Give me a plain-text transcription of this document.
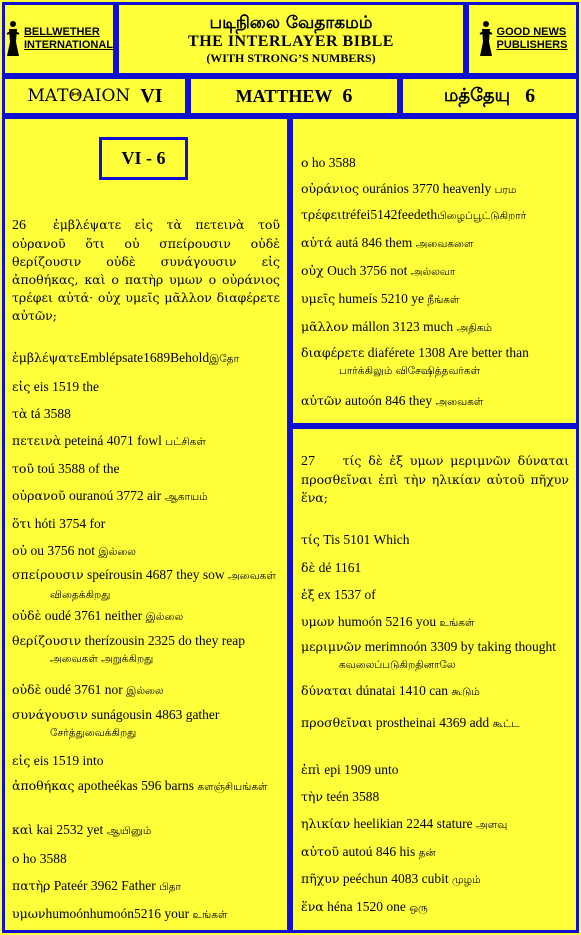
BELLWETHER
INTERNATIONAL
படிநிலை வேதாகமம்
THE INTERLAYER BIBLE
(WITH STRONG’S NUMBERS)
GOOD NEWS
PUBLISHERS
ΜΑΤΘΑΙΟΝ
VI	MATTHEW
6	மத்தேயு
6
VI - 6
26 ἐμβλέψατε εἰς τὰ πετεινὰ τοῦ οὐρανοῦ ὅτι οὐ σπείρουσιν οὐδὲ θερίζουσιν οὐδὲ συνάγουσιν εἰς ἀποθήκας, καὶ ο πατὴρ υμων ο οὐράνιος τρέφει αὐτά· οὐχ υμεῖς μᾶλλον διαφέρετε αὐτῶν;
ἐμβλέψατεEmblépsate1689Beholdஇதோ
εἰς eis 1519 the
τὰ tá 3588
πετεινὰ peteiná 4071 fowl பட்சிகள்
τοῦ toú 3588 of the
οὐρανοῦ ouranoú 3772 air ஆகாயம்
ὅτι hóti 3754 for
οὐ ou 3756 not இல்லை
σπείρουσιν speírousin 4687 they sow அவைகள் விதைக்கிறது
οὐδὲ oudé 3761 neither இல்லை
θερίζουσιν therízousin 2325 do they reap அவைகள் அறுக்கிறது
οὐδὲ oudé 3761 nor இல்லை
συνάγουσιν sunágousin 4863 gather சேர்த்துவைக்கிறது
εἰς eis 1519 into
ἀποθήκας apotheékas 596 barns களஞ்சியங்கள்
καὶ kai 2532 yet ஆயினும்
ο ho 3588
πατὴρ Pateér 3962 Father பிதா
υμωνhumoónhumoón5216 your உங்கள்
ο ho 3588
οὐράνιος ouránios 3770 heavenly பரம
τρέφειtréfei5142feedethபிழைப்பூட்டுகிறார்
αὐτά autá 846 them அவைகளை
οὐχ Ouch 3756 not அல்லவா
υμεῖς humeís 5210 ye நீங்கள்
μᾶλλον mállon 3123 much அதிகம்
διαφέρετε diaférete 1308 Are better than பார்க்கிலும் விசேஷித்தவர்கள்
αὐτῶν autoón 846 they அவைகள்
27 τίς δὲ ἐξ υμων μεριμνῶν δύναται προσθεῖναι ἐπὶ τὴν ηλικίαν αὐτοῦ πῆχυν ἕνα;
τίς Tis 5101 Which
δὲ dé 1161
ἐξ ex 1537 of
υμων humoón 5216 you உங்கள்
μεριμνῶν merimnoón 3309 by taking thought கவலைப்படுகிறதினாலே
δύναται dúnatai 1410 can கூடும்
προσθεῖναι prostheinai 4369 add கூட்ட
ἐπὶ epi 1909 unto
τὴν teén 3588
ηλικίαν heelikian 2244 stature அளவு
αὐτοῦ autoú 846 his தன்
πῆχυν peéchun 4083 cubit முழம்
ἕνα héna 1520 one ஒரு
